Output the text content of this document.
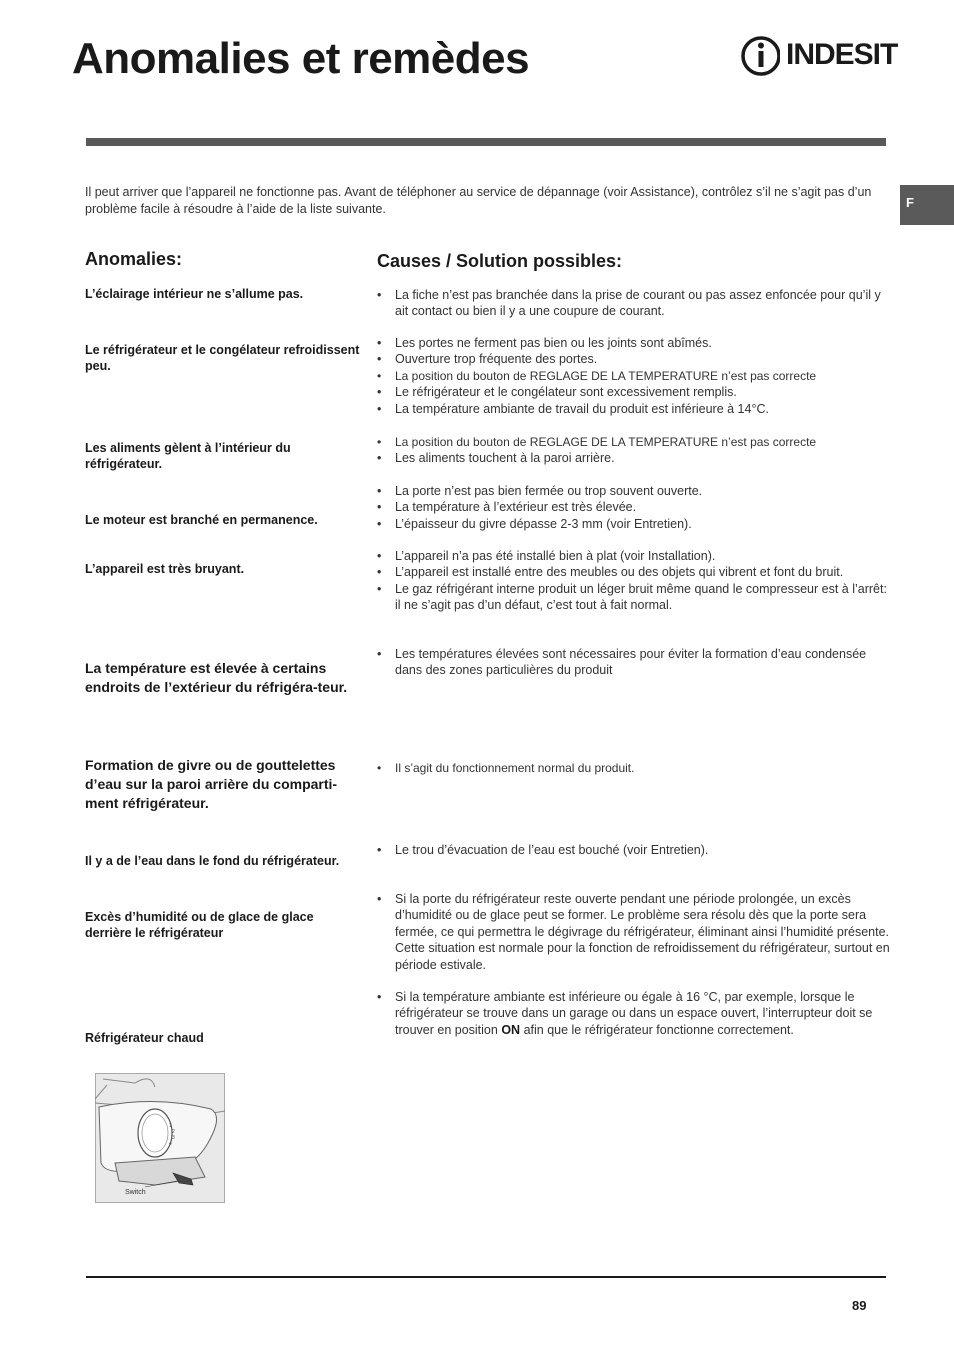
Anomalies et remèdes	INDESIT
F
Il peut arriver que l’appareil ne fonctionne pas. Avant de téléphoner au service de dépannage (voir Assistance), contrôlez s’il ne s’agit pas d’un problème facile à résoudre à l’aide de la liste suivante.
Anomalies:	Causes / Solution possibles:
L’éclairage intérieur ne s’allume pas.
•	La fiche n’est pas branchée dans la prise de courant ou pas assez enfoncée pour qu’il y ait contact ou bien il y a une coupure de courant.
Le réfrigérateur et le congélateur refroidissent peu.
• Les portes ne ferment pas bien ou les joints sont abîmés.
• Ouverture trop fréquente des portes.
• La position du bouton de REGLAGE DE LA TEMPERATURE n’est pas correcte
• Le réfrigérateur et le congélateur sont excessivement remplis.
• La température ambiante de travail du produit est inférieure à 14°C.
Les aliments gèlent à l’intérieur du réfrigérateur.
• La position du bouton de REGLAGE DE LA TEMPERATURE n’est pas correcte
• Les aliments touchent à la paroi arrière.
Le moteur est branché en permanence.
• La porte n’est pas bien fermée ou trop souvent ouverte.
• La température à l’extérieur est très élevée.
• L’épaisseur du givre dépasse 2-3 mm (voir Entretien).
L’appareil est très bruyant.
• L’appareil n’a pas été installé bien à plat (voir Installation).
• L’appareil est installé entre des meubles ou des objets qui vibrent et font du bruit.
• Le gaz réfrigérant interne produit un léger bruit même quand le compresseur est à l’arrêt: il ne s’agit pas d’un défaut, c’est tout à fait normal.
La température est élevée à certains endroits de l’extérieur du réfrigéra-teur.
• Les températures élevées sont nécessaires pour éviter la formation d’eau condensée dans des zones particulières du produit
Formation de givre ou de gouttelettes d’eau sur la paroi arrière du comparti-ment réfrigérateur.
• Il s’agit du fonctionnement normal du produit.
Il y a de l’eau dans le fond du réfrigérateur.
• Le trou d’évacuation de l’eau est bouché (voir Entretien).
Excès d’humidité ou de glace de glace derrière le réfrigérateur
• Si la porte du réfrigérateur reste ouverte pendant une période prolongée, un excès d’humidité ou de glace peut se former. Le problème sera résolu dès que la porte sera fermée, ce qui permettra le dégivrage du réfrigérateur, éliminant ainsi l’humidité présente. Cette situation est normale pour la fonction de refroidissement du réfrigérateur, surtout en période estivale.
Réfrigérateur chaud
• Si la température ambiante est inférieure ou égale à 16 °C, par exemple, lorsque le réfrigérateur se trouve dans un garage ou dans un espace ouvert, l’interrupteur doit se trouver en position ON afin que le réfrigérateur fonctionne correctement.
1
2
3
4
Switch
89
